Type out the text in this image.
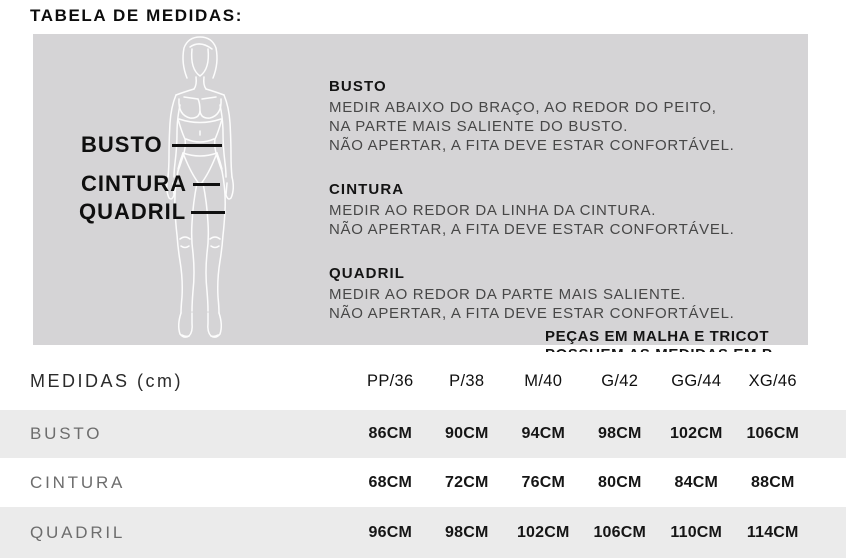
TABELA DE MEDIDAS:
BUSTO
CINTURA
QUADRIL

BUSTO

MEDIR ABAIXO DO BRAÇO, AO REDOR DO PEITO,
NA PARTE MAIS SALIENTE DO BUSTO.
NÃO APERTAR, A FITA DEVE ESTAR CONFORTÁVEL.

CINTURA

MEDIR AO REDOR DA LINHA DA CINTURA.
NÃO APERTAR, A FITA DEVE ESTAR CONFORTÁVEL.

QUADRIL

MEDIR AO REDOR DA PARTE MAIS SALIENTE.
NÃO APERTAR, A FITA DEVE ESTAR CONFORTÁVEL.
PEÇAS EM MALHA E TRICOT
MEDIDAS (cm)	PP/36	P/38	M/40	G/42	GG/44	XG/46
BUSTO	86CM	90CM	94CM	98CM	102CM	106CM
CINTURA	68CM	72CM	76CM	80CM	84CM	88CM
QUADRIL	96CM	98CM	102CM	106CM	110CM	114CM
